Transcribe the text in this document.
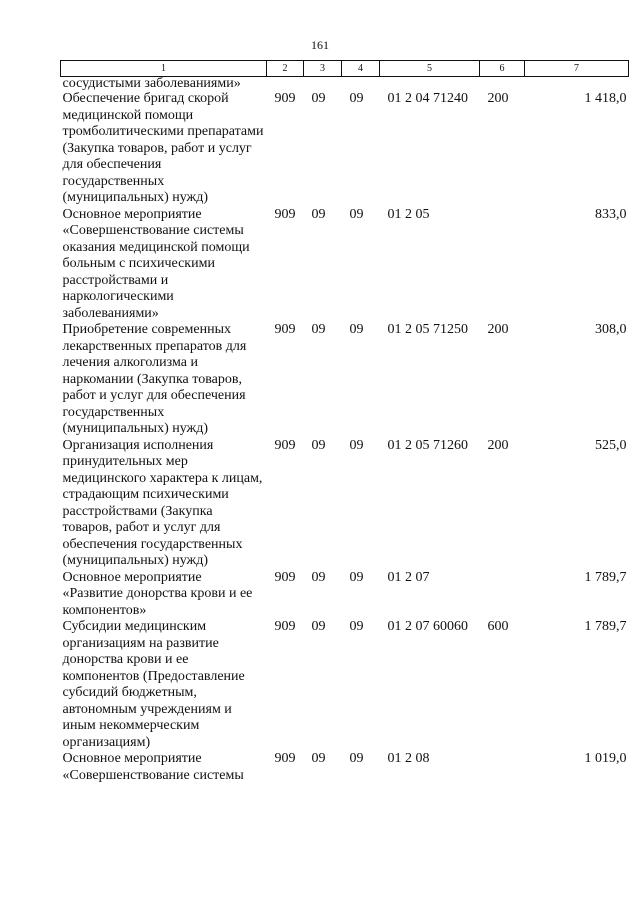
161
1	2	3	4	5	6	7
сосудистыми заболеваниями»						
Обеспечение бригад скорой медицинской помощи тромболитическими препаратами (Закупка товаров, работ и услуг для обеспечения государственных (муниципальных) нужд)	909	09	09	01 2 04 71240	200	1 418,0
Основное мероприятие «Совершенствование системы оказания медицинской помощи больным с психическими расстройствами и наркологическими заболеваниями»	909	09	09	01 2 05		833,0
Приобретение современных лекарственных препаратов для лечения алкоголизма и наркомании (Закупка товаров, работ и услуг для обеспечения государственных (муниципальных) нужд)	909	09	09	01 2 05 71250	200	308,0
Организация исполнения принудительных мер медицинского характера к лицам, страдающим психическими расстройствами (Закупка товаров, работ и услуг для обеспечения государственных (муниципальных) нужд)	909	09	09	01 2 05 71260	200	525,0
Основное мероприятие «Развитие донорства крови и ее компонентов»	909	09	09	01 2 07		1 789,7
Субсидии медицинским организациям на развитие донорства крови и ее компонентов (Предоставление субсидий бюджетным, автономным учреждениям и иным некоммерческим организациям)	909	09	09	01 2 07 60060	600	1 789,7
Основное мероприятие «Совершенствование системы	909	09	09	01 2 08		1 019,0
